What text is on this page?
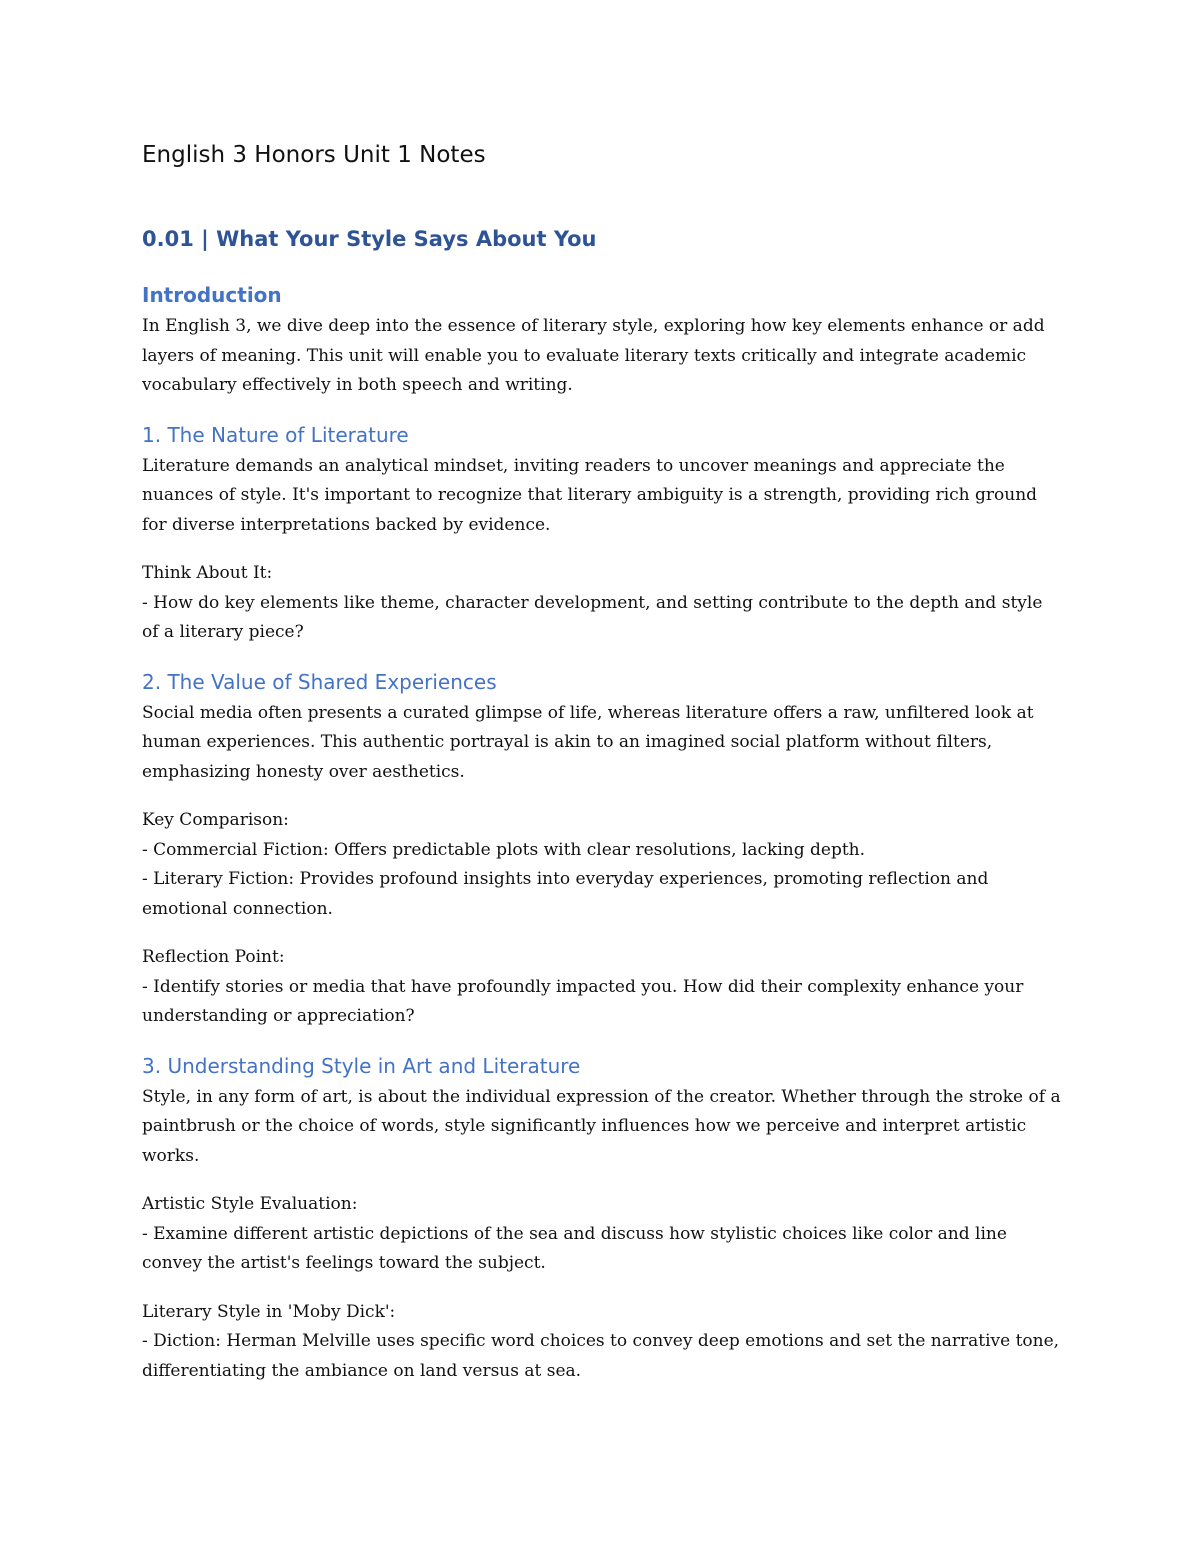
English 3 Honors Unit 1 Notes
0.01 | What Your Style Says About You
Introduction
In English 3, we dive deep into the essence of literary style, exploring how key elements enhance or add layers of meaning. This unit will enable you to evaluate literary texts critically and integrate academic vocabulary effectively in both speech and writing.
1. The Nature of Literature
Literature demands an analytical mindset, inviting readers to uncover meanings and appreciate the nuances of style. It's important to recognize that literary ambiguity is a strength, providing rich ground for diverse interpretations backed by evidence.
Think About It:
- How do key elements like theme, character development, and setting contribute to the depth and style of a literary piece?
2. The Value of Shared Experiences
Social media often presents a curated glimpse of life, whereas literature offers a raw, unfiltered look at human experiences. This authentic portrayal is akin to an imagined social platform without filters, emphasizing honesty over aesthetics.
Key Comparison:
- Commercial Fiction: Offers predictable plots with clear resolutions, lacking depth.
- Literary Fiction: Provides profound insights into everyday experiences, promoting reflection and emotional connection.
Reflection Point:
- Identify stories or media that have profoundly impacted you. How did their complexity enhance your understanding or appreciation?
3. Understanding Style in Art and Literature
Style, in any form of art, is about the individual expression of the creator. Whether through the stroke of a paintbrush or the choice of words, style significantly influences how we perceive and interpret artistic works.
Artistic Style Evaluation:
- Examine different artistic depictions of the sea and discuss how stylistic choices like color and line convey the artist's feelings toward the subject.
Literary Style in 'Moby Dick':
- Diction: Herman Melville uses specific word choices to convey deep emotions and set the narrative tone, differentiating the ambiance on land versus at sea.
